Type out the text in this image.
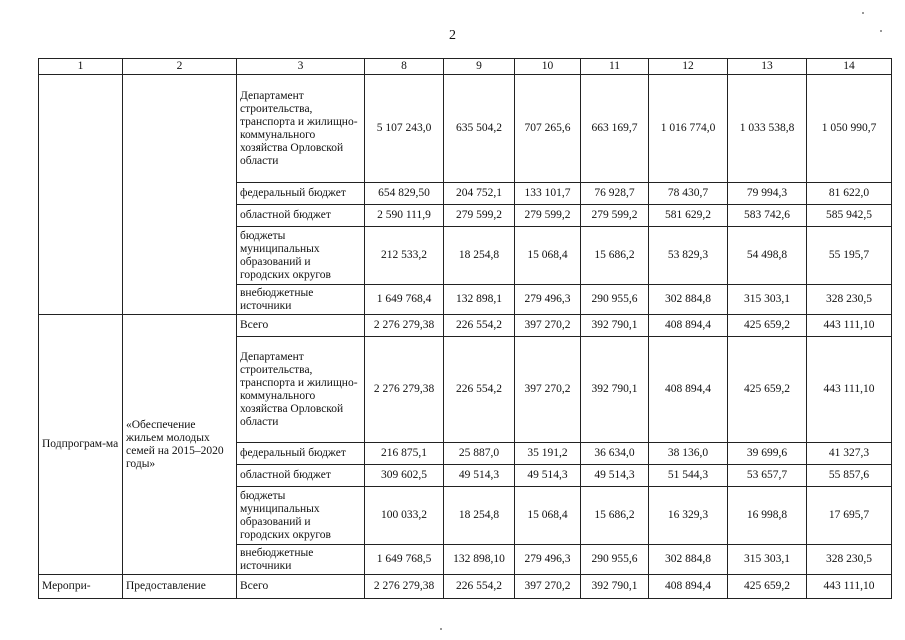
2
1	2	3	8	9	10	11	12	13	14
		Департамент строительства, транспорта и жилищно-коммунального хозяйства Орловской области	5 107 243,0	635 504,2	707 265,6	663 169,7	1 016 774,0	1 033 538,8	1 050 990,7
		федеральный бюджет	654 829,50	204 752,1	133 101,7	76 928,7	78 430,7	79 994,3	81 622,0
		областной бюджет	2 590 111,9	279 599,2	279 599,2	279 599,2	581 629,2	583 742,6	585 942,5
		бюджеты муниципальных образований и городских округов	212 533,2	18 254,8	15 068,4	15 686,2	53 829,3	54 498,8	55 195,7
		внебюджетные источники	1 649 768,4	132 898,1	279 496,3	290 955,6	302 884,8	315 303,1	328 230,5
Подпрограм-ма	«Обеспечение жильем молодых семей на 2015–2020 годы»	Всего	2 276 279,38	226 554,2	397 270,2	392 790,1	408 894,4	425 659,2	443 111,10
		Департамент строительства, транспорта и жилищно-коммунального хозяйства Орловской области	2 276 279,38	226 554,2	397 270,2	392 790,1	408 894,4	425 659,2	443 111,10
		федеральный бюджет	216 875,1	25 887,0	35 191,2	36 634,0	38 136,0	39 699,6	41 327,3
		областной бюджет	309 602,5	49 514,3	49 514,3	49 514,3	51 544,3	53 657,7	55 857,6
		бюджеты муниципальных образований и городских округов	100 033,2	18 254,8	15 068,4	15 686,2	16 329,3	16 998,8	17 695,7
		внебюджетные источники	1 649 768,5	132 898,10	279 496,3	290 955,6	302 884,8	315 303,1	328 230,5
Меропри-	Предоставление	Всего	2 276 279,38	226 554,2	397 270,2	392 790,1	408 894,4	425 659,2	443 111,10
